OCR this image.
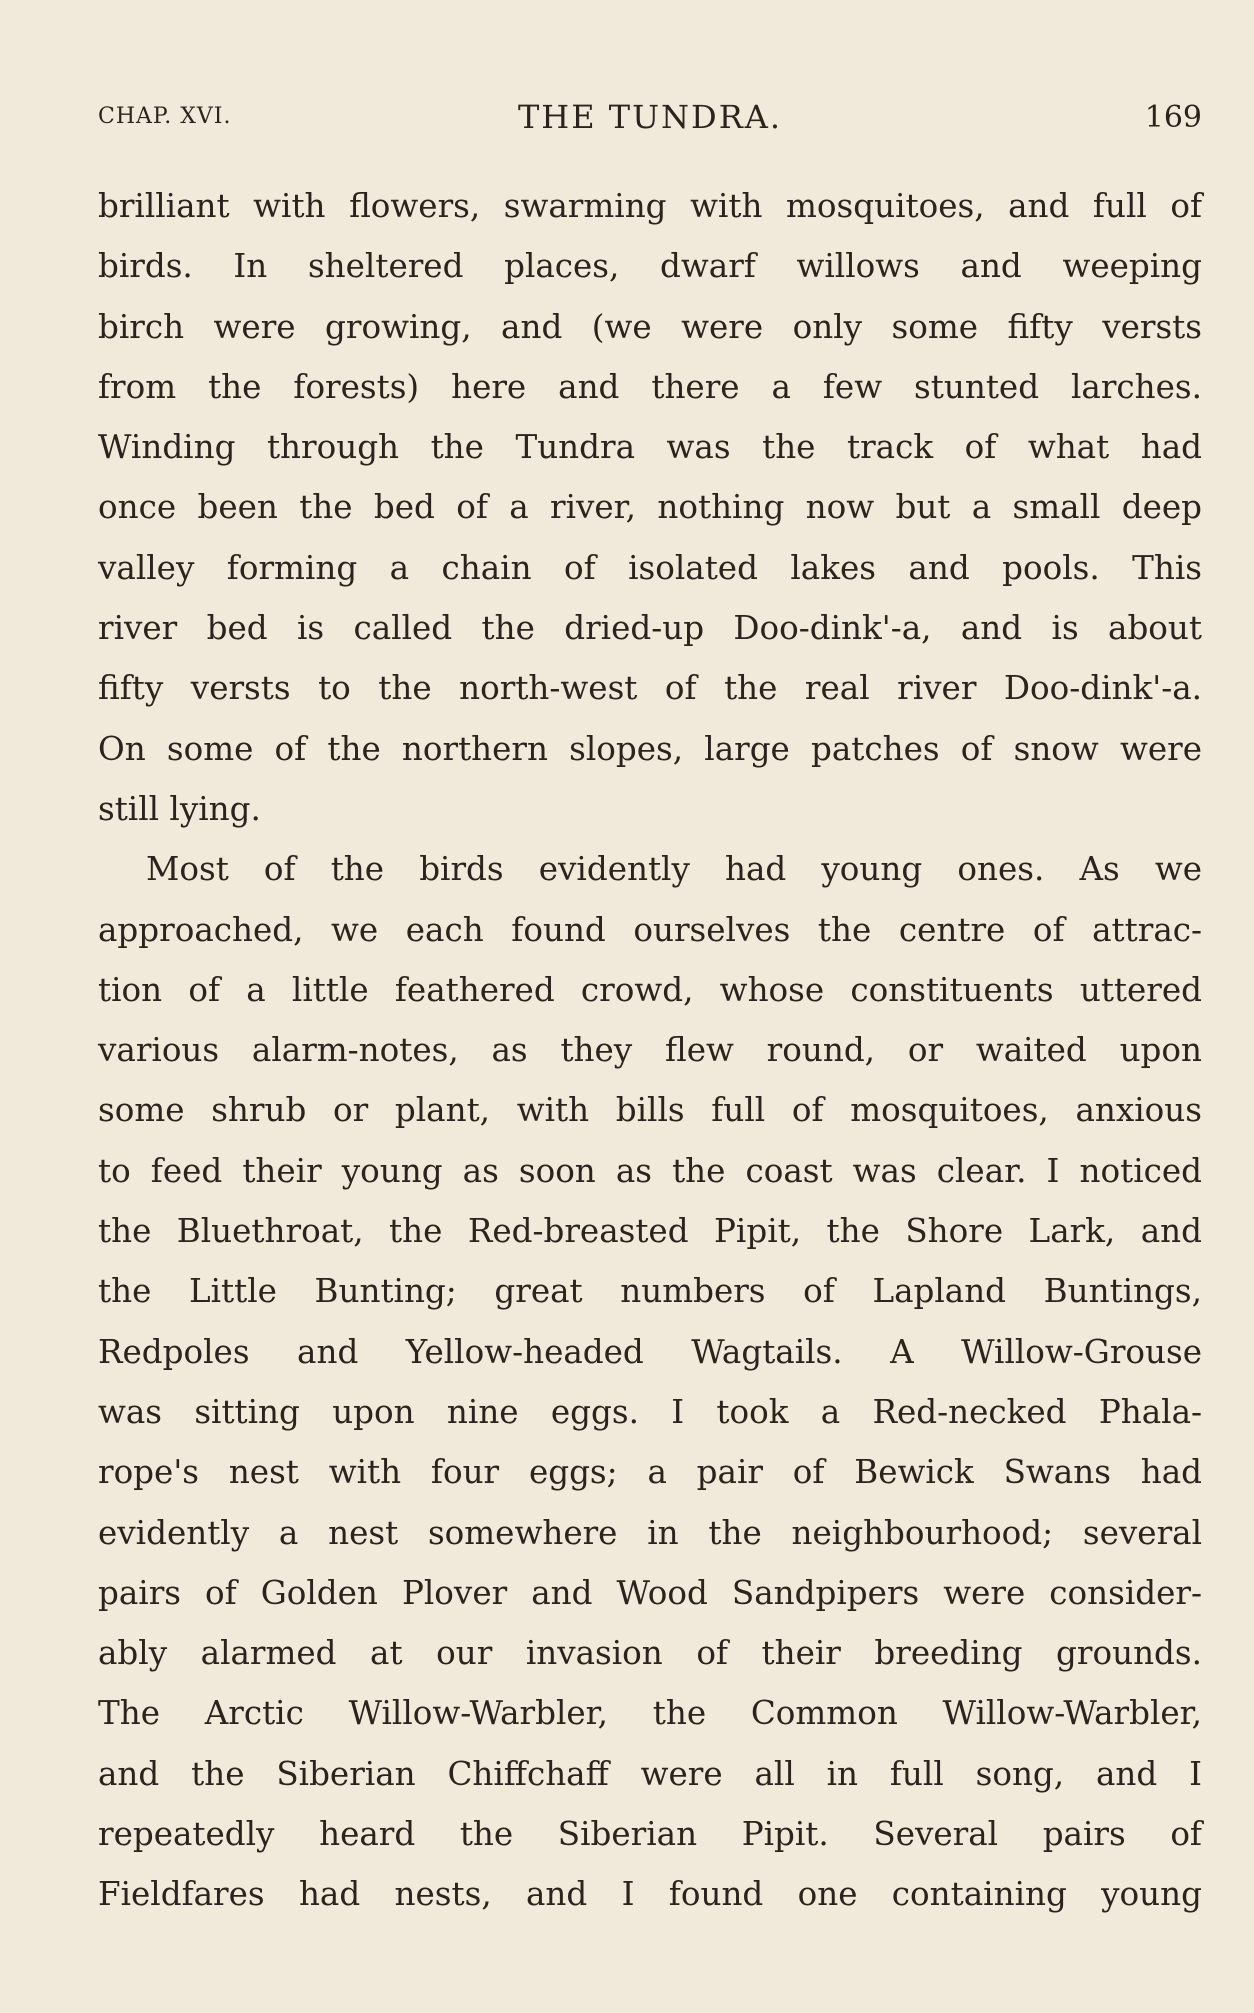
CHAP. XVI.	THE TUNDRA.	169
brilliant with flowers, swarming with mosquitoes, and full of
birds. In sheltered places, dwarf willows and weeping
birch were growing, and (we were only some fifty versts
from the forests) here and there a few stunted larches.
Winding through the Tundra was the track of what had
once been the bed of a river, nothing now but a small deep
valley forming a chain of isolated lakes and pools. This
river bed is called the dried-up Doo-dink'-a, and is about
fifty versts to the north-west of the real river Doo-dink'-a.
On some of the northern slopes, large patches of snow were
still lying.
Most of the birds evidently had young ones. As we
approached, we each found ourselves the centre of attrac-
tion of a little feathered crowd, whose constituents uttered
various alarm-notes, as they flew round, or waited upon
some shrub or plant, with bills full of mosquitoes, anxious
to feed their young as soon as the coast was clear. I noticed
the Bluethroat, the Red-breasted Pipit, the Shore Lark, and
the Little Bunting; great numbers of Lapland Buntings,
Redpoles and Yellow-headed Wagtails. A Willow-Grouse
was sitting upon nine eggs. I took a Red-necked Phala-
rope's nest with four eggs; a pair of Bewick Swans had
evidently a nest somewhere in the neighbourhood; several
pairs of Golden Plover and Wood Sandpipers were consider-
ably alarmed at our invasion of their breeding grounds.
The Arctic Willow-Warbler, the Common Willow-Warbler,
and the Siberian Chiffchaff were all in full song, and I
repeatedly heard the Siberian Pipit. Several pairs of
Fieldfares had nests, and I found one containing young
